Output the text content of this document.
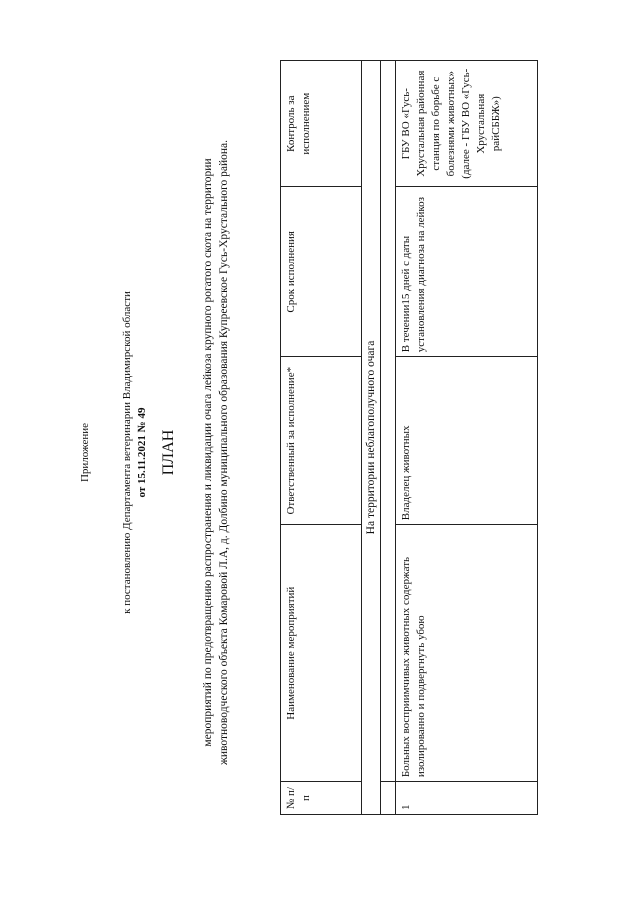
Приложение	к постановлению Департамента ветеринарии Владимирской области от 15.11.2021 № 49 ПЛАН мероприятий по предотвращению распространения и ликвидации очага лейкоза крупного рогатого скота на территории животноводческого объекта Комаровой Л.А, д. Долбино муниципального образования Купреевское Гусь-Хрустального района.
№ п/п	Наименование мероприятий	Ответственный за исполнение*	Срок исполнения	Контроль за исполнением
На территории неблагополучного очага				

1	Больных восприимчивых животных содержать изолированно и подвергнуть убою	Владелец животных	В течении15 дней с даты установления диагноза на лейкоз	ГБУ ВО «Гусь-Хрустальная районная станция по борьбе с болезнями животных» (далее - ГБУ ВО «Гусь-Хрустальная райСББЖ»)
